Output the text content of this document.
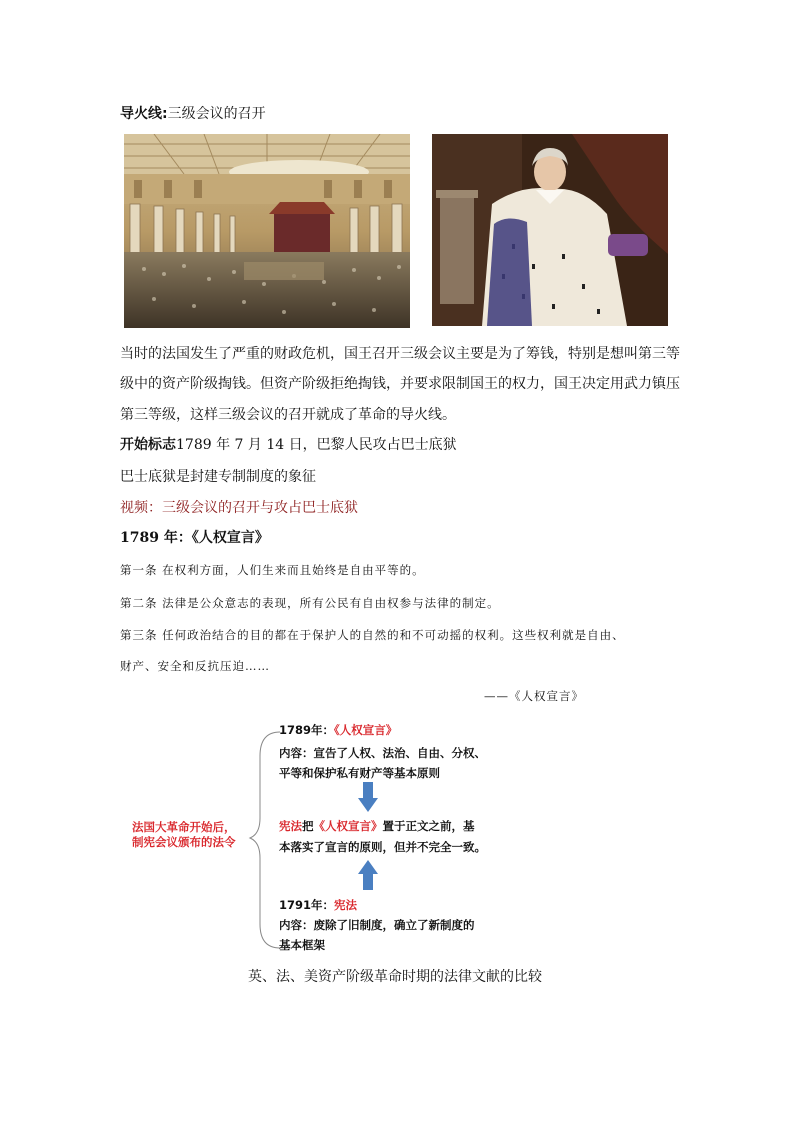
导火线:三级会议的召开
当时的法国发生了严重的财政危机，国王召开三级会议主要是为了筹钱，特别是想叫第三等
级中的资产阶级掏钱。但资产阶级拒绝掏钱，并要求限制国王的权力，国王决定用武力镇压
第三等级，这样三级会议的召开就成了革命的导火线。
开始标志1789 年 7 月 14 日，巴黎人民攻占巴士底狱
巴士底狱是封建专制制度的象征
视频：三级会议的召开与攻占巴士底狱
1789 年：《人权宣言》
第一条 在权利方面，人们生来而且始终是自由平等的。
第二条 法律是公众意志的表现，所有公民有自由权参与法律的制定。
第三条 任何政治结合的目的都在于保护人的自然的和不可动摇的权利。这些权利就是自由、
财产、安全和反抗压迫……
——《人权宣言》
法国大革命开始后，
制宪会议颁布的法令
1789年：《人权宣言》
内容：宣告了人权、法治、自由、分权、
平等和保护私有财产等基本原则
宪法把《人权宣言》置于正文之前，基
本落实了宣言的原则，但并不完全一致。
1791年：宪法
内容：废除了旧制度，确立了新制度的
基本框架
英、法、美资产阶级革命时期的法律文献的比较
